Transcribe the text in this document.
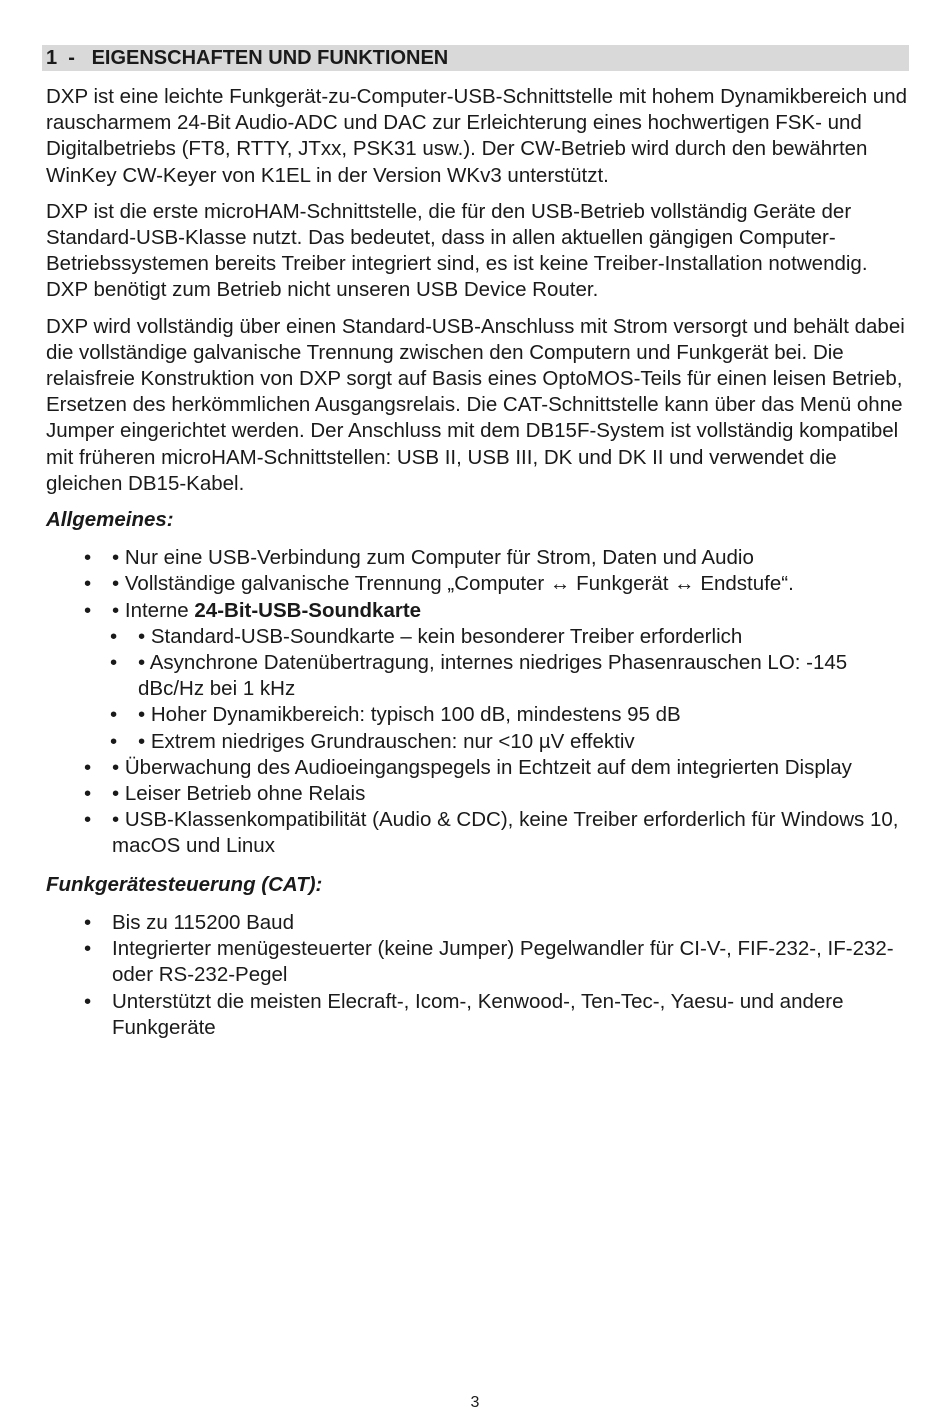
1  -   EIGENSCHAFTEN UND FUNKTIONEN

DXP ist eine leichte Funkgerät-zu-Computer-USB-Schnittstelle mit hohem Dynamikbereich und rauscharmem 24-Bit Audio-ADC und DAC zur Erleichterung eines hochwertigen FSK- und Digitalbetriebs (FT8, RTTY, JTxx, PSK31 usw.). Der CW-Betrieb wird durch den bewährten WinKey CW-Keyer von K1EL in der Version WKv3 unterstützt.

DXP ist die erste microHAM-Schnittstelle, die für den USB-Betrieb vollständig Geräte der Standard-USB-Klasse nutzt. Das bedeutet, dass in allen aktuellen gängigen Computer-Betriebssystemen bereits Treiber integriert sind, es ist keine Treiber-Installation notwendig. DXP benötigt zum Betrieb nicht unseren USB Device Router.

DXP wird vollständig über einen Standard-USB-Anschluss mit Strom versorgt und behält dabei die vollständige galvanische Trennung zwischen den Computern und Funkgerät bei. Die relaisfreie Konstruktion von DXP sorgt auf Basis eines OptoMOS-Teils für einen leisen Betrieb, Ersetzen des herkömmlichen Ausgangsrelais. Die CAT-Schnittstelle kann über das Menü ohne Jumper eingerichtet werden. Der Anschluss mit dem DB15F-System ist vollständig kompatibel mit früheren microHAM-Schnittstellen: USB II, USB III, DK und DK II und verwendet die gleichen DB15-Kabel.

Allgemeines:
• • Nur eine USB-Verbindung zum Computer für Strom, Daten und Audio
• • Vollständige galvanische Trennung „Computer ↔ Funkgerät ↔ Endstufe“.
• • Interne 24-Bit-USB-Soundkarte
• • Standard-USB-Soundkarte – kein besonderer Treiber erforderlich
• • Asynchrone Datenübertragung, internes niedriges Phasenrauschen LO: -145 dBc/Hz bei 1 kHz
• • Hoher Dynamikbereich: typisch 100 dB, mindestens 95 dB
• • Extrem niedriges Grundrauschen: nur <10 µV effektiv
• • Überwachung des Audioeingangspegels in Echtzeit auf dem integrierten Display
• • Leiser Betrieb ohne Relais
• • USB-Klassenkompatibilität (Audio & CDC), keine Treiber erforderlich für Windows 10, macOS und Linux
Funkgerätesteuerung (CAT):
• Bis zu 115200 Baud
• Integrierter menügesteuerter (keine Jumper) Pegelwandler für CI-V-, FIF-232-, IF-232- oder RS-232-Pegel
• Unterstützt die meisten Elecraft-, Icom-, Kenwood-, Ten-Tec-, Yaesu- und andere Funkgeräte
3
